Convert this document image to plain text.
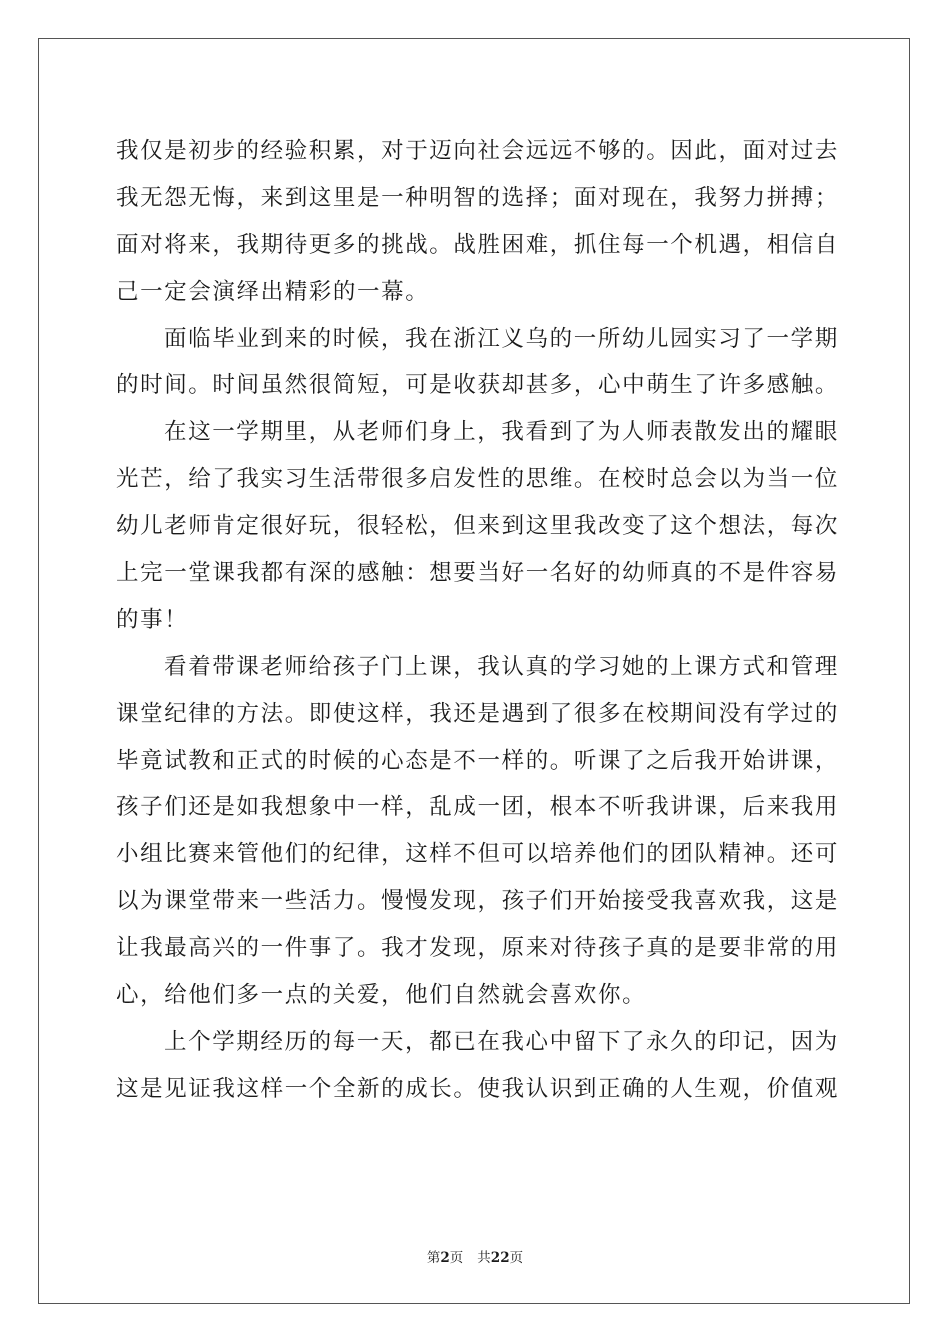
我仅是初步的经验积累，对于迈向社会远远不够的。因此，面对过去
我无怨无悔，来到这里是一种明智的选择；面对现在，我努力拼搏；
面对将来，我期待更多的挑战。战胜困难，抓住每一个机遇，相信自
己一定会演绎出精彩的一幕。
面临毕业到来的时候，我在浙江义乌的一所幼儿园实习了一学期
的时间。时间虽然很简短，可是收获却甚多，心中萌生了许多感触。
在这一学期里，从老师们身上，我看到了为人师表散发出的耀眼
光芒，给了我实习生活带很多启发性的思维。在校时总会以为当一位
幼儿老师肯定很好玩，很轻松，但来到这里我改变了这个想法，每次
上完一堂课我都有深的感触：想要当好一名好的幼师真的不是件容易
的事！
看着带课老师给孩子门上课，我认真的学习她的上课方式和管理
课堂纪律的方法。即使这样，我还是遇到了很多在校期间没有学过的
毕竟试教和正式的时候的心态是不一样的。听课了之后我开始讲课，
孩子们还是如我想象中一样，乱成一团，根本不听我讲课，后来我用
小组比赛来管他们的纪律，这样不但可以培养他们的团队精神。还可
以为课堂带来一些活力。慢慢发现，孩子们开始接受我喜欢我，这是
让我最高兴的一件事了。我才发现，原来对待孩子真的是要非常的用
心，给他们多一点的关爱，他们自然就会喜欢你。
上个学期经历的每一天，都已在我心中留下了永久的印记，因为
这是见证我这样一个全新的成长。使我认识到正确的人生观，价值观
第2页 共22页
